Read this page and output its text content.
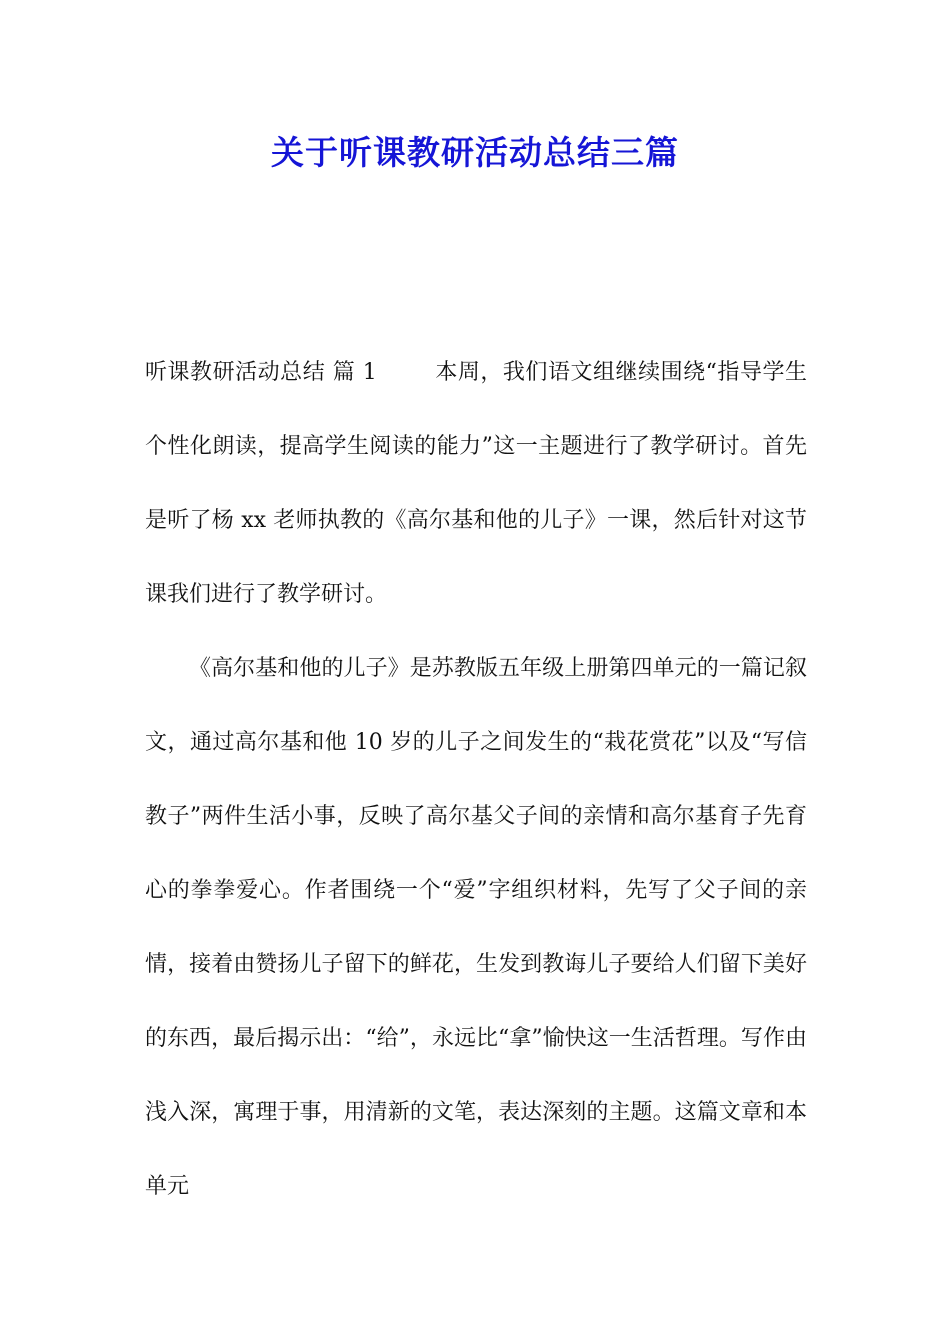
关于听课教研活动总结三篇

听课教研活动总结 篇 1	本周，我们语文组继续围绕“指导学生个性化朗读，提高学生阅读的能力”这一主题进行了教学研讨。首先是听了杨 xx 老师执教的《高尔基和他的儿子》一课，然后针对这节课我们进行了教学研讨。

《高尔基和他的儿子》是苏教版五年级上册第四单元的一篇记叙文，通过高尔基和他 10 岁的儿子之间发生的“栽花赏花”以及“写信教子”两件生活小事，反映了高尔基父子间的亲情和高尔基育子先育心的拳拳爱心。作者围绕一个“爱”字组织材料，先写了父子间的亲情，接着由赞扬儿子留下的鲜花，生发到教诲儿子要给人们留下美好的东西，最后揭示出：“给”，永远比“拿”愉快这一生活哲理。写作由浅入深，寓理于事，用清新的文笔，表达深刻的主题。这篇文章和本单元
